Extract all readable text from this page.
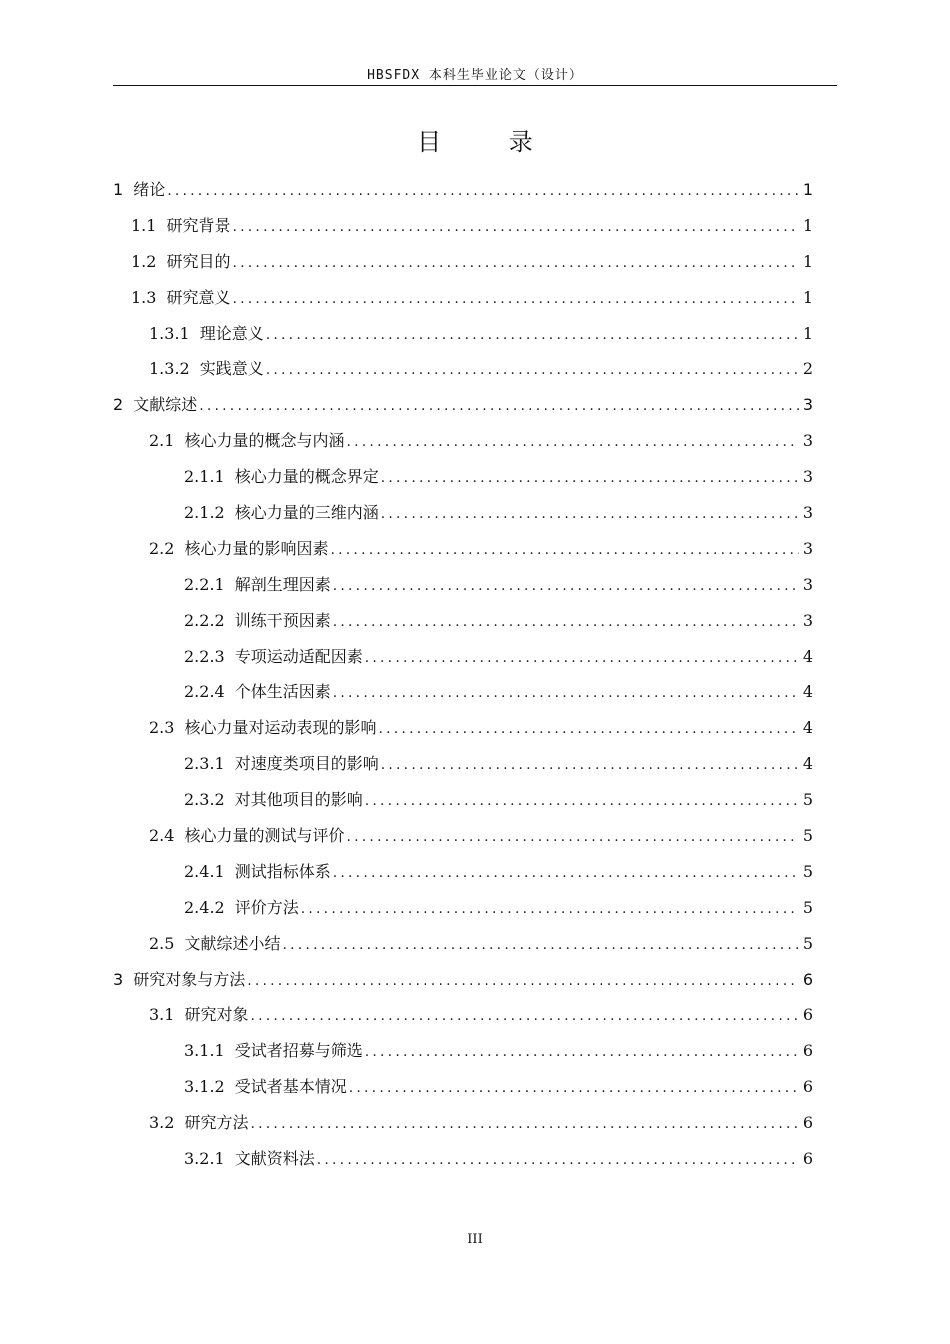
HBSFDX 本科生毕业论文（设计）
目 录
1 绪论 .....	1
1.1 研究背景 .....	1
1.2 研究目的 .....	1
1.3 研究意义 .....	1
1.3.1 理论意义 .....	1
1.3.2 实践意义 .....	2
2 文献综述 .....	3
2.1 核心力量的概念与内涵 .....	3
2.1.1 核心力量的概念界定 .....	3
2.1.2 核心力量的三维内涵 .....	3
2.2 核心力量的影响因素 .....	3
2.2.1 解剖生理因素 .....	3
2.2.2 训练干预因素 .....	3
2.2.3 专项运动适配因素 .....	4
2.2.4 个体生活因素 .....	4
2.3 核心力量对运动表现的影响 .....	4
2.3.1 对速度类项目的影响 .....	4
2.3.2 对其他项目的影响 .....	5
2.4 核心力量的测试与评价 .....	5
2.4.1 测试指标体系 .....	5
2.4.2 评价方法 .....	5
2.5 文献综述小结 .....	5
3 研究对象与方法 .....	6
3.1 研究对象 .....	6
3.1.1 受试者招募与筛选 .....	6
3.1.2 受试者基本情况 .....	6
3.2 研究方法 .....	6
3.2.1 文献资料法 .....	6
III
